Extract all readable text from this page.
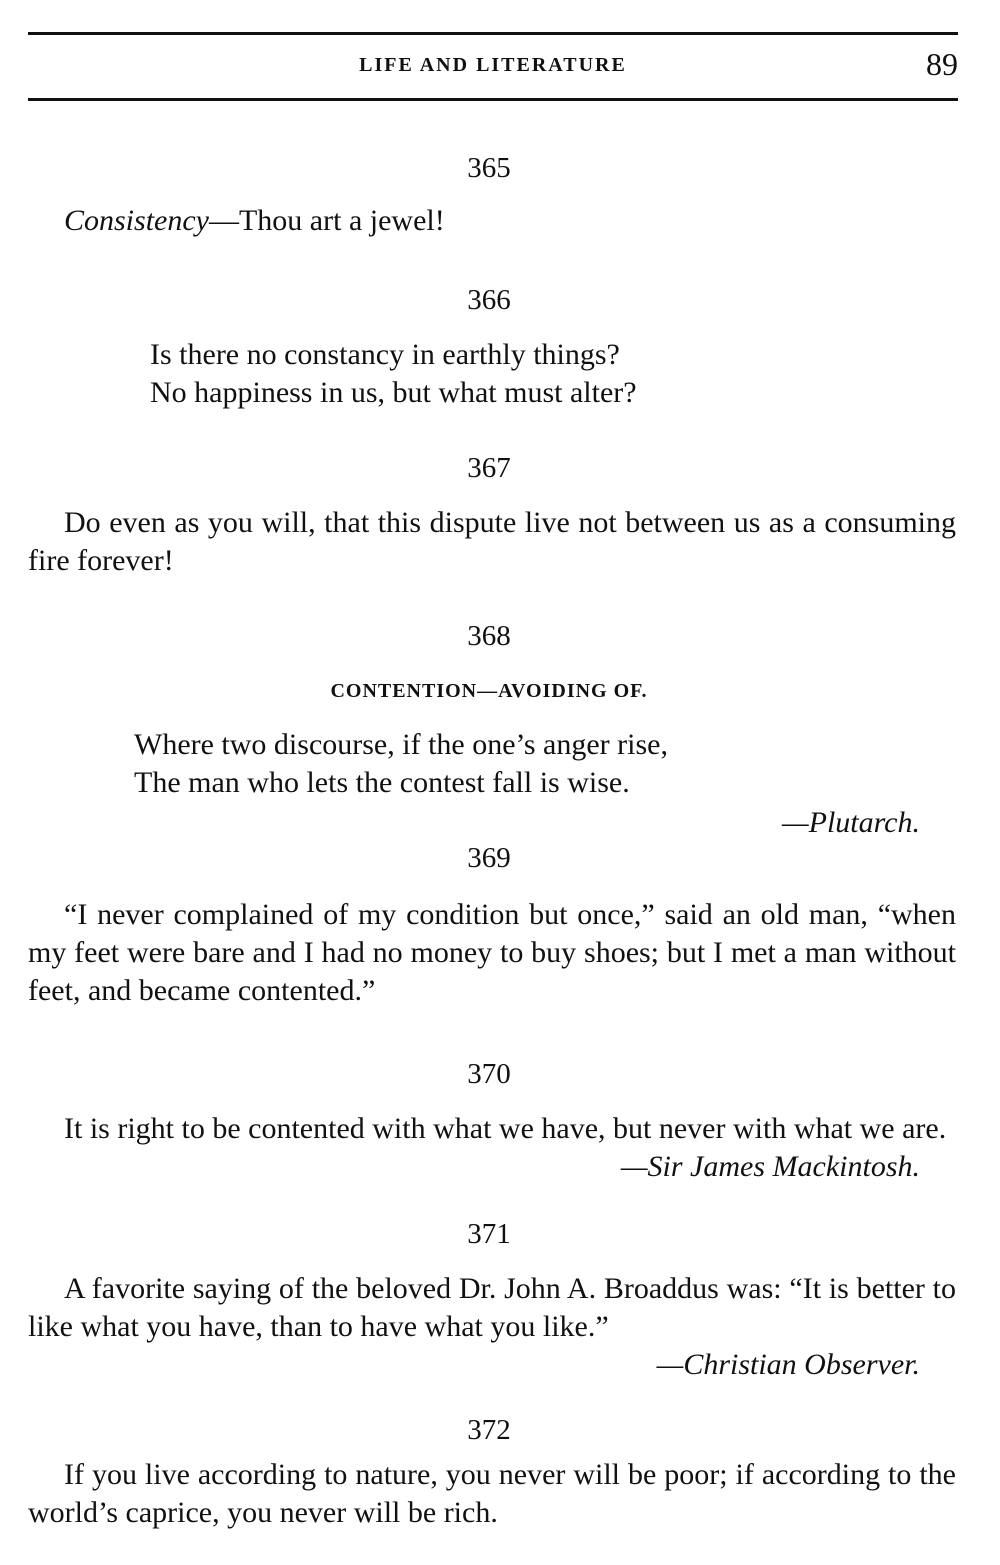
LIFE AND LITERATURE	89
365
Consistency—Thou art a jewel!
366
Is there no constancy in earthly things?
No happiness in us, but what must alter?
367
Do even as you will, that this dispute live not between us as a consuming fire forever!
368
CONTENTION—AVOIDING OF.
Where two discourse, if the one’s anger rise,
The man who lets the contest fall is wise.
—Plutarch.
369
“I never complained of my condition but once,” said an old man, “when my feet were bare and I had no money to buy shoes; but I met a man without feet, and became contented.”
370
It is right to be contented with what we have, but never with what we are.
—Sir James Mackintosh.
371
A favorite saying of the beloved Dr. John A. Broaddus was: “It is better to like what you have, than to have what you like.”
—Christian Observer.
372
If you live according to nature, you never will be poor; if according to the world’s caprice, you never will be rich.
